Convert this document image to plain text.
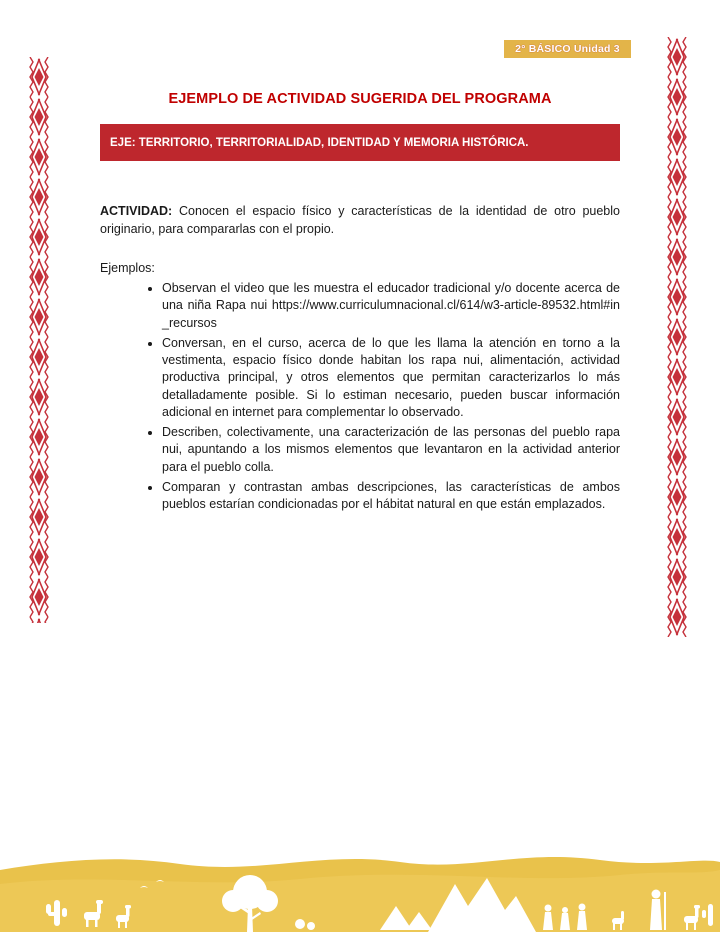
2° BÁSICO Unidad 3
EJEMPLO DE ACTIVIDAD SUGERIDA DEL PROGRAMA
EJE: TERRITORIO, TERRITORIALIDAD, IDENTIDAD Y MEMORIA HISTÓRICA.

ACTIVIDAD: Conocen el espacio físico y características de la identidad de otro pueblo originario, para compararlas con el propio.

Ejemplos:
• Observan el video que les muestra el educador tradicional y/o docente acerca de una niña Rapa nui https://www.curriculumnacional.cl/614/w3-article-89532.html#in_recursos
• Conversan, en el curso, acerca de lo que les llama la atención en torno a la vestimenta, espacio físico donde habitan los rapa nui, alimentación, actividad productiva principal, y otros elementos que permitan caracterizarlos lo más detalladamente posible. Si lo estiman necesario, pueden buscar información adicional en internet para complementar lo observado.
• Describen, colectivamente, una caracterización de las personas del pueblo rapa nui, apuntando a los mismos elementos que levantaron en la actividad anterior para el pueblo colla.
• Comparan y contrastan ambas descripciones, las características de ambos pueblos estarían condicionadas por el hábitat natural en que están emplazados.
